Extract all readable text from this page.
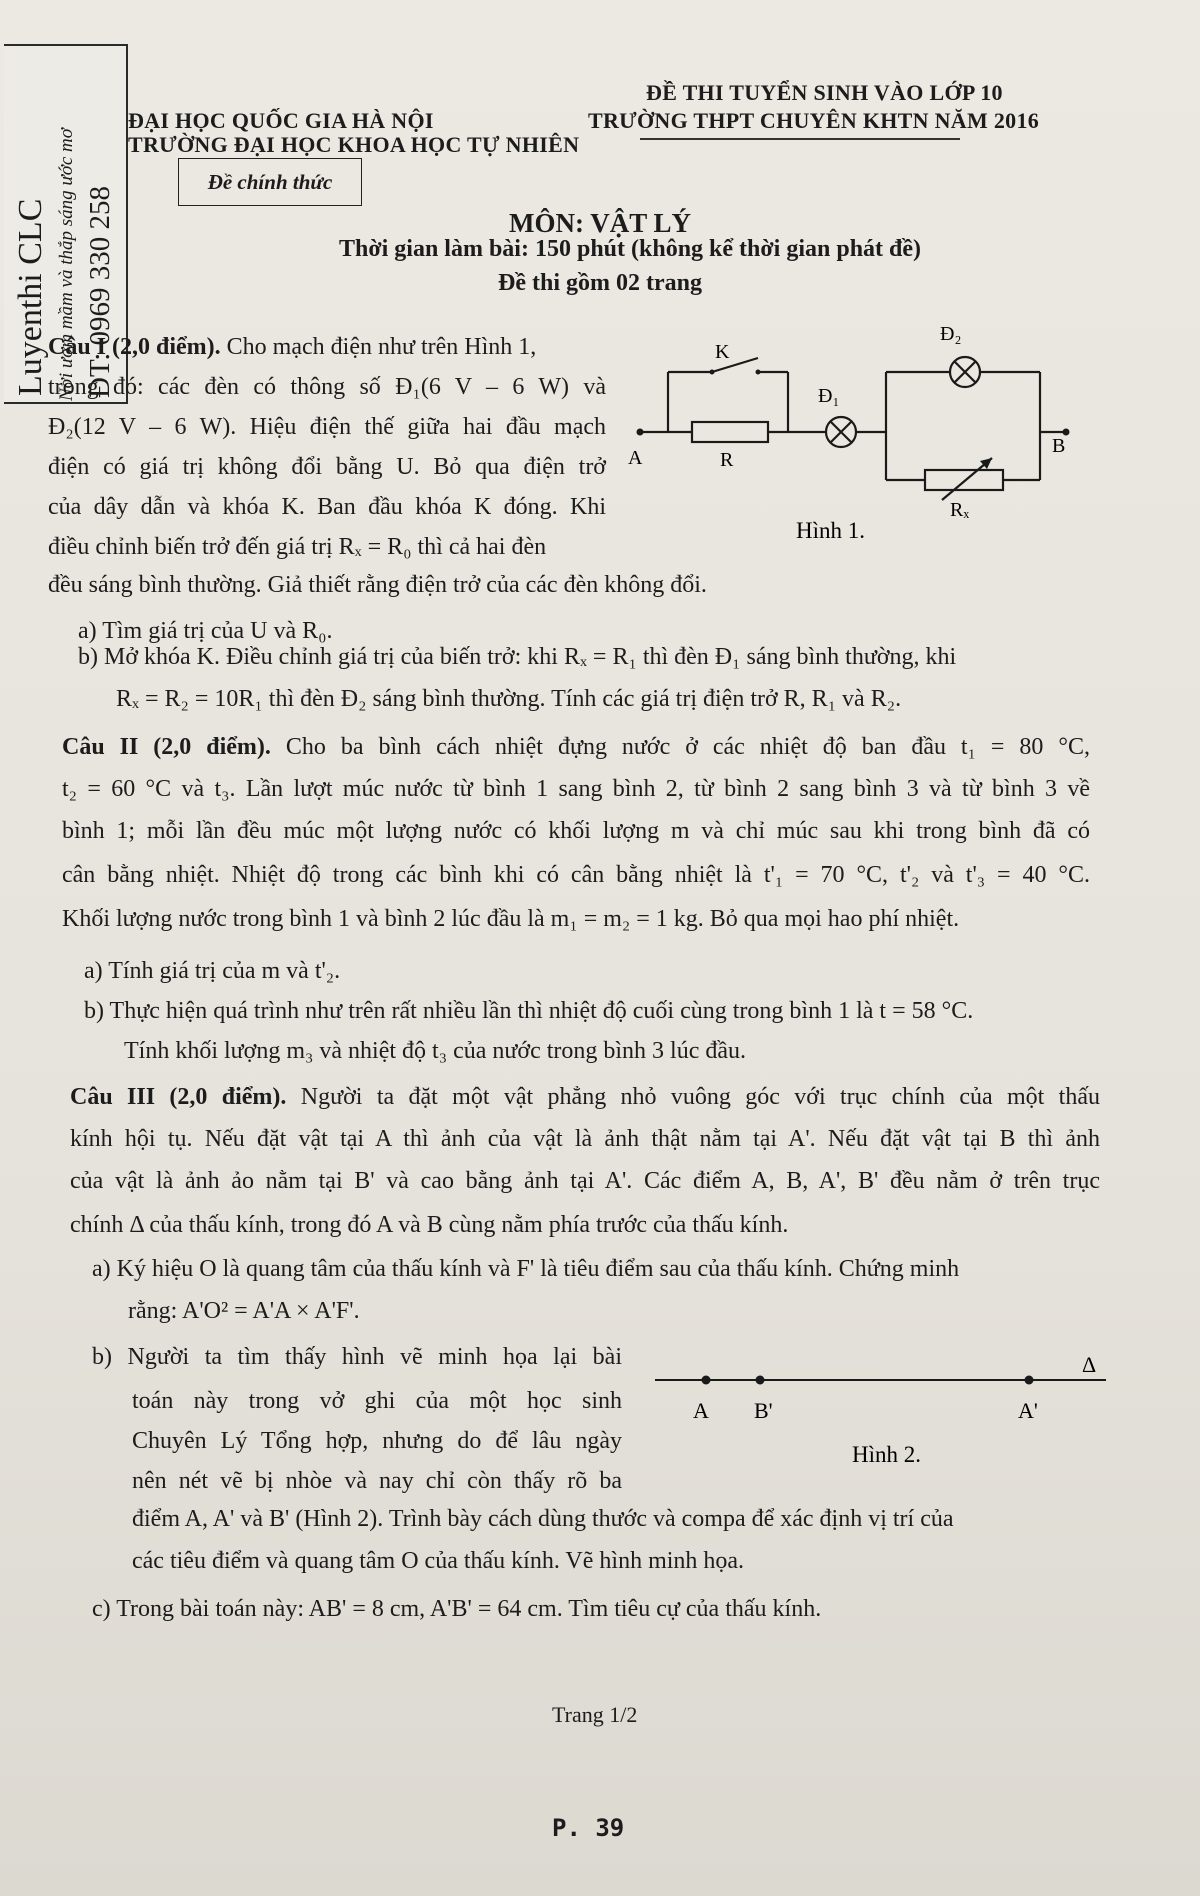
Luyenthi CLC Nơi ươm mầm và thắp sáng ước mơ ĐT: 0969 330 258
ĐẠI HỌC QUỐC GIA HÀ NỘI
TRƯỜNG ĐẠI HỌC KHOA HỌC TỰ NHIÊN
ĐỀ THI TUYỂN SINH VÀO LỚP 10
TRƯỜNG THPT CHUYÊN KHTN NĂM 2016
Đề chính thức
MÔN: VẬT LÝ
Thời gian làm bài: 150 phút (không kể thời gian phát đề)
Đề thi gồm 02 trang
Câu I (2,0 điểm). Cho mạch điện như trên Hình 1,
trong đó: các đèn có thông số Đ₁(6 V – 6 W) và
Đ₂(12 V – 6 W). Hiệu điện thế giữa hai đầu mạch
điện có giá trị không đổi bằng U. Bỏ qua điện trở
của dây dẫn và khóa K. Ban đầu khóa K đóng. Khi
điều chỉnh biến trở đến giá trị Rₓ = R₀ thì cả hai đèn
đều sáng bình thường. Giả thiết rằng điện trở của các đèn không đổi.
a) Tìm giá trị của U và R₀.
b) Mở khóa K. Điều chỉnh giá trị của biến trở: khi Rₓ = R₁ thì đèn Đ₁ sáng bình thường, khi
Rₓ = R₂ = 10R₁ thì đèn Đ₂ sáng bình thường. Tính các giá trị điện trở R, R₁ và R₂.
K
A	R
Đ₁
Đ₂
B
Rₓ
Hình 1.
Câu II (2,0 điểm). Cho ba bình cách nhiệt đựng nước ở các nhiệt độ ban đầu t₁ = 80 °C,
t₂ = 60 °C và t₃. Lần lượt múc nước từ bình 1 sang bình 2, từ bình 2 sang bình 3 và từ bình 3 về
bình 1; mỗi lần đều múc một lượng nước có khối lượng m và chỉ múc sau khi trong bình đã có
cân bằng nhiệt. Nhiệt độ trong các bình khi có cân bằng nhiệt là t'₁ = 70 °C, t'₂ và t'₃ = 40 °C.
Khối lượng nước trong bình 1 và bình 2 lúc đầu là m₁ = m₂ = 1 kg. Bỏ qua mọi hao phí nhiệt.
a) Tính giá trị của m và t'₂.
b) Thực hiện quá trình như trên rất nhiều lần thì nhiệt độ cuối cùng trong bình 1 là t = 58 °C.
Tính khối lượng m₃ và nhiệt độ t₃ của nước trong bình 3 lúc đầu.
Câu III (2,0 điểm). Người ta đặt một vật phẳng nhỏ vuông góc với trục chính của một thấu
kính hội tụ. Nếu đặt vật tại A thì ảnh của vật là ảnh thật nằm tại A'. Nếu đặt vật tại B thì ảnh
của vật là ảnh ảo nằm tại B' và cao bằng ảnh tại A'. Các điểm A, B, A', B' đều nằm ở trên trục
chính Δ của thấu kính, trong đó A và B cùng nằm phía trước của thấu kính.
a) Ký hiệu O là quang tâm của thấu kính và F' là tiêu điểm sau của thấu kính. Chứng minh
rằng: A'O² = A'A × A'F'.
b) Người ta tìm thấy hình vẽ minh họa lại bài
toán này trong vở ghi của một học sinh
Chuyên Lý Tổng hợp, nhưng do để lâu ngày
nên nét vẽ bị nhòe và nay chỉ còn thấy rõ ba
điểm A, A' và B' (Hình 2). Trình bày cách dùng thước và compa để xác định vị trí của
các tiêu điểm và quang tâm O của thấu kính. Vẽ hình minh họa.
c) Trong bài toán này: AB' = 8 cm, A'B' = 64 cm. Tìm tiêu cự của thấu kính.
A B'	A'
Δ
Hình 2.
Trang 1/2
P. 39
